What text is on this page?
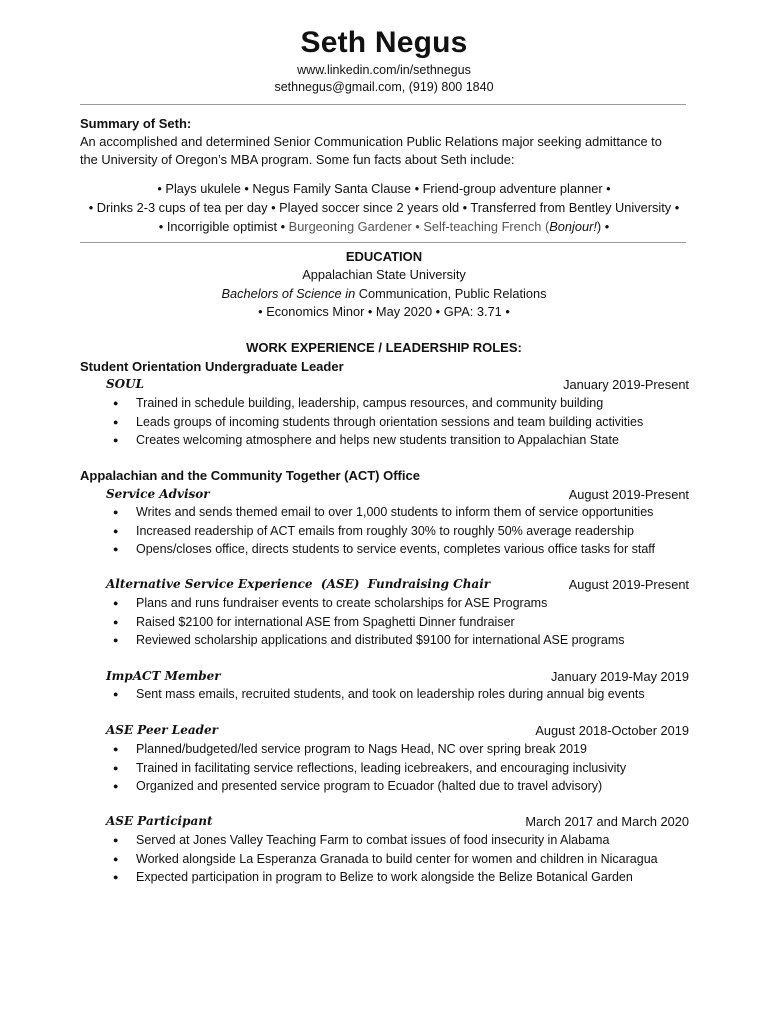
Seth Negus
www.linkedin.com/in/sethnegus
sethnegus@gmail.com, (919) 800 1840
Summary of Seth:
An accomplished and determined Senior Communication Public Relations major seeking admittance to
the University of Oregon’s MBA program. Some fun facts about Seth include:
• Plays ukulele • Negus Family Santa Clause • Friend-group adventure planner •
• Drinks 2-3 cups of tea per day • Played soccer since 2 years old • Transferred from Bentley University •
• Incorrigible optimist • Burgeoning Gardener • Self-teaching French (Bonjour!) •
EDUCATION
Appalachian State University
Bachelors of Science in Communication, Public Relations
• Economics Minor • May 2020 • GPA: 3.71 •
WORK EXPERIENCE / LEADERSHIP ROLES:
Student Orientation Undergraduate Leader
SOUL	January 2019-Present
● Trained in schedule building, leadership, campus resources, and community building
● Leads groups of incoming students through orientation sessions and team building activities
● Creates welcoming atmosphere and helps new students transition to Appalachian State
Appalachian and the Community Together (ACT) Office
Service Advisor	August 2019-Present
● Writes and sends themed email to over 1,000 students to inform them of service opportunities
● Increased readership of ACT emails from roughly 30% to roughly 50% average readership
● Opens/closes office, directs students to service events, completes various office tasks for staff
Alternative Service Experience  (ASE)  Fundraising Chair	August 2019-Present
● Plans and runs fundraiser events to create scholarships for ASE Programs
● Raised $2100 for international ASE from Spaghetti Dinner fundraiser
● Reviewed scholarship applications and distributed $9100 for international ASE programs
ImpACT Member	January 2019-May 2019
● Sent mass emails, recruited students, and took on leadership roles during annual big events
ASE Peer Leader	August 2018-October 2019
● Planned/budgeted/led service program to Nags Head, NC over spring break 2019
● Trained in facilitating service reflections, leading icebreakers, and encouraging inclusivity
● Organized and presented service program to Ecuador (halted due to travel advisory)
ASE Participant	March 2017 and March 2020
● Served at Jones Valley Teaching Farm to combat issues of food insecurity in Alabama
● Worked alongside La Esperanza Granada to build center for women and children in Nicaragua
● Expected participation in program to Belize to work alongside the Belize Botanical Garden
